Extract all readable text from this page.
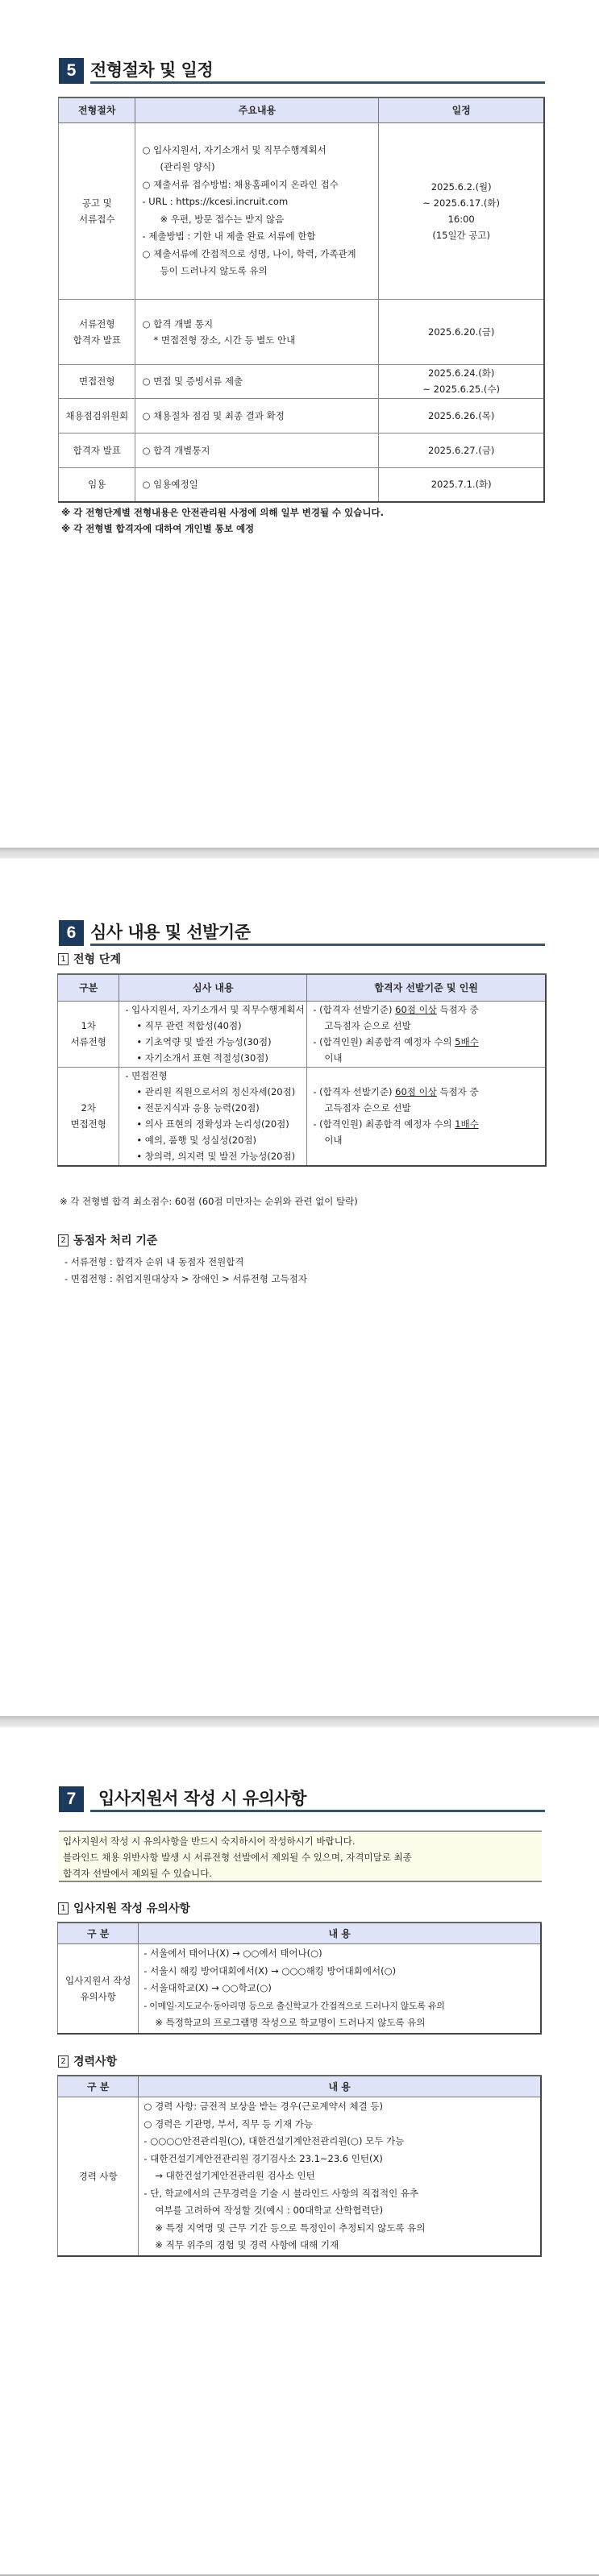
5 전형절차 및 일정
전형절차	주요내용	일정

공고 및
서류접수

○ 입사지원서, 자기소개서 및 직무수행계획서
(관리원 양식)
○ 제출서류 접수방법: 채용홈페이지 온라인 접수
- URL : https://kcesi.incruit.com
※ 우편, 방문 접수는 받지 않음
- 제출방법 : 기한 내 제출 완료 서류에 한함
○ 제출서류에 간접적으로 성명, 나이, 학력, 가족관계
등이 드러나지 않도록 유의

2025.6.2.(월)
~ 2025.6.17.(화)
16:00
(15일간 공고)

서류전형
합격자 발표

○ 합격 개별 통지
* 면접전형 장소, 시간 등 별도 안내

2025.6.20.(금)

면접전형	○ 면접 및 증빙서류 제출	2025.6.24.(화)
~ 2025.6.25.(수)

채용점검위원회	○ 채용절차 점검 및 최종 결과 확정	2025.6.26.(목)
합격자 발표	○ 합격 개별통지	2025.6.27.(금)
임용	○ 임용예정일	2025.7.1.(화)
※ 각 전형단계별 전형내용은 안전관리원 사정에 의해 일부 변경될 수 있습니다.
※ 각 전형별 합격자에 대하여 개인별 통보 예정
6 심사 내용 및 선발기준
1 전형 단계
구분	심사 내용	합격자 선발기준 및 인원

1차
서류전형

- 입사지원서, 자기소개서 및 직무수행계획서
• 직무 관련 적합성(40점)
• 기초역량 및 발전 가능성(30점)
• 자기소개서 표현 적절성(30점)

- (합격자 선발기준) 60점 이상 득점자 중
고득점자 순으로 선발
- (합격인원) 최종합격 예정자 수의 5배수
이내

2차
면접전형

- 면접전형
• 관리원 직원으로서의 정신자세(20점)
• 전문지식과 응용 능력(20점)
• 의사 표현의 정확성과 논리성(20점)
• 예의, 품행 및 성실성(20점)
• 창의력, 의지력 및 발전 가능성(20점)

- (합격자 선발기준) 60점 이상 득점자 중
고득점자 순으로 선발
- (합격인원) 최종합격 예정자 수의 1배수
이내
※ 각 전형별 합격 최소점수: 60점 (60점 미만자는 순위와 관련 없이 탈락)
2 동점자 처리 기준
- 서류전형 : 합격자 순위 내 동점자 전원합격
- 면접전형 : 취업지원대상자 > 장애인 > 서류전형 고득점자
7	입사지원서 작성 시 유의사항
입사지원서 작성 시 유의사항을 반드시 숙지하시어 작성하시기 바랍니다.
블라인드 채용 위반사항 발생 시 서류전형 선발에서 제외될 수 있으며, 자격미달로 최종
합격자 선발에서 제외될 수 있습니다.
1 입사지원 작성 유의사항
구 분	내 용

입사지원서 작성
유의사항

- 서울에서 태어나(X) → ○○에서 태어나(○)
- 서울시 해킹 방어대회에서(X) → ○○○해킹 방어대회에서(○)
- 서울대학교(X) → ○○학교(○)
- 이메일·지도교수·동아리명 등으로 출신학교가 간접적으로 드러나지 않도록 유의
※ 특정학교의 프로그램명 작성으로 학교명이 드러나지 않도록 유의
2 경력사항
구 분	내 용
경력 사항	
○ 경력 사항: 금전적 보상을 받는 경우(근로계약서 체결 등)
○ 경력은 기관명, 부서, 직무 등 기재 가능
- ○○○○안전관리원(○), 대한건설기계안전관리원(○) 모두 가능
- 대한건설기계안전관리원 경기검사소 23.1~23.6 인턴(X)
→ 대한건설기계안전관리원 검사소 인턴
- 단, 학교에서의 근무경력을 기술 시 블라인드 사항의 직접적인 유추
여부를 고려하여 작성할 것(예시 : 00대학교 산학협력단)
※ 특정 지역명 및 근무 기간 등으로 특정인이 추정되지 않도록 유의
※ 직무 위주의 경험 및 경력 사항에 대해 기재
